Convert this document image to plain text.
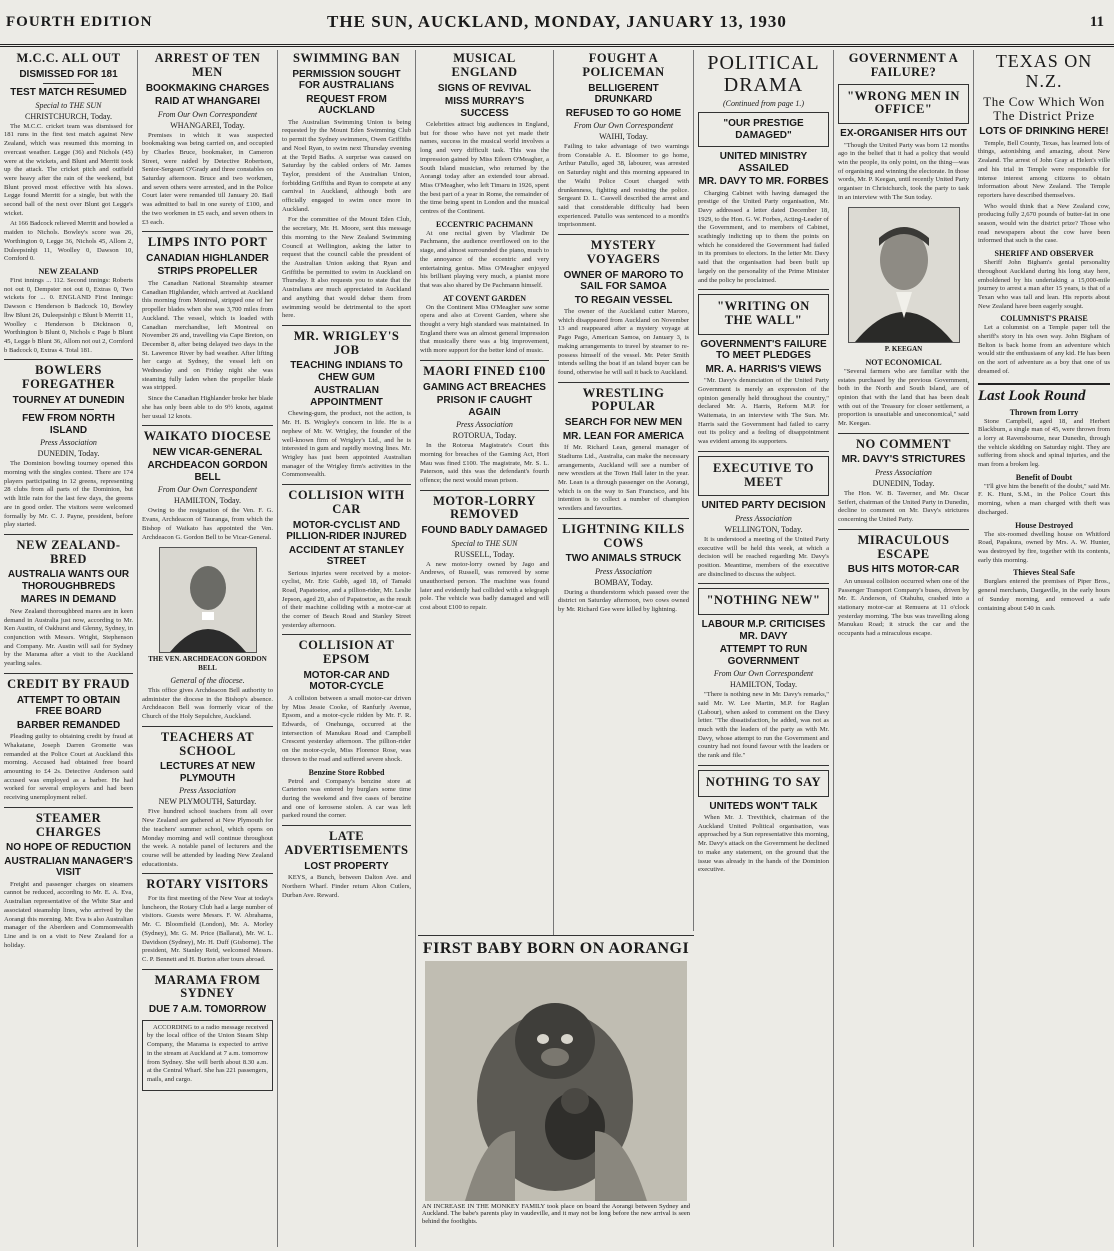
FOURTH EDITION	THE SUN, AUCKLAND, MONDAY, JANUARY 13, 1930	11
M.C.C. ALL OUT
DISMISSED FOR 181
TEST MATCH RESUMED
Special to THE SUN
CHRISTCHURCH, Today.

The M.C.C. cricket team was dismissed for 181 runs in the first test match against New Zealand, which was resumed this morning in overcast weather. Legge (36) and Nichols (45) were at the wickets, and Blunt and Merritt took up the attack. The cricket pitch and outfield were heavy after the rain of the weekend, but Blunt proved most effective with his slows. Legge found Merritt for a single, but with the second ball of the next over Blunt got Legge's wicket.

At 166 Badcock relieved Merritt and bowled a maiden to Nichols. Bowley's score was 26, Worthington 0, Legge 36, Nichols 45, Allom 2, Duleepsinhji 11, Woolley 0, Dawson 10, Cornford 0.

NEW ZEALAND

First innings ... 112. Second innings: Roberts not out 0, Dempster not out 0, Extras 0, Two wickets for ... 0. ENGLAND First Innings: Dawson c Henderson b Badcock 10, Bowley lbw Blunt 26, Duleepsinhji c Blunt b Merritt 11, Woolley c Henderson b Dickinson 0, Worthington b Blunt 0, Nichols c Page b Blunt 45, Legge b Blunt 36, Allom not out 2, Cornford b Badcock 0, Extras 4. Total 181.

BOWLERS FOREGATHER
TOURNEY AT DUNEDIN
FEW FROM NORTH ISLAND
Press Association
DUNEDIN, Today.

The Dominion bowling tourney opened this morning with the singles contest. There are 174 players participating in 12 greens, representing 28 clubs from all parts of the Dominion, but with little rain for the last few days, the greens are in good order. The visitors were welcomed formally by Mr. C. J. Payne, president, before play started.

NEW ZEALAND-BRED
AUSTRALIA WANTS OUR THOROUGHBREDS
MARES IN DEMAND

New Zealand thoroughbred mares are in keen demand in Australia just now, according to Mr. Ken Austin, of Oakhurst and Glenny, Sydney, in conjunction with Messrs. Wright, Stephenson and Company. Mr. Austin will sail for Sydney by the Marama after a visit to the Auckland yearling sales.

CREDIT BY FRAUD
ATTEMPT TO OBTAIN FREE BOARD
BARBER REMANDED

Pleading guilty to obtaining credit by fraud at Whakatane, Joseph Darren Gromette was remanded at the Police Court at Auckland this morning. Accused had obtained free board amounting to £4 2s. Detective Anderson said accused was employed as a barber. He had worked for several employers and had been receiving unemployment relief.

STEAMER CHARGES
NO HOPE OF REDUCTION
AUSTRALIAN MANAGER'S VISIT

Freight and passenger charges on steamers cannot be reduced, according to Mr. E. A. Eva, Australian representative of the White Star and associated steamship lines, who arrived by the Aorangi this morning. Mr. Eva is also Australian manager of the Aberdeen and Commonwealth Line and is on a visit to New Zealand for a holiday.

ARREST OF TEN MEN
BOOKMAKING CHARGES
RAID AT WHANGAREI
From Our Own Correspondent
WHANGAREI, Today.

Premises in which it was suspected bookmaking was being carried on, and occupied by Charles Bruce, bookmaker, in Cameron Street, were raided by Detective Robertson, Senior-Sergeant O'Grady and three constables on Saturday afternoon. Bruce and two workmen, and seven others were arrested, and in the Police Court later were remanded till January 20. Bail was admitted to bail in one surety of £100, and the two workmen in £5 each, and seven others in £3 each.

LIMPS INTO PORT
CANADIAN HIGHLANDER
STRIPS PROPELLER

The Canadian National Steamship steamer Canadian Highlander, which arrived at Auckland this morning from Montreal, stripped one of her propeller blades when she was 3,700 miles from Auckland. The vessel, which is loaded with Canadian merchandise, left Montreal on November 26 and, travelling via Cape Breton, on December 8, after being delayed two days in the St. Lawrence River by bad weather. After lifting her cargo at Sydney, the vessel left on Wednesday and on Friday night she was steaming fully laden when the propeller blade was stripped.

Since the Canadian Highlander broke her blade she has only been able to do 9½ knots, against her usual 12 knots.

WAIKATO DIOCESE
NEW VICAR-GENERAL
ARCHDEACON GORDON BELL
From Our Own Correspondent
HAMILTON, Today.

Owing to the resignation of the Ven. F. G. Evans, Archdeacon of Tauranga, from which the Bishop of Waikato has appointed the Ven. Archdeacon G. Gordon Bell to be Vicar-General.

THE VEN. ARCHDEACON GORDON BELL
General of the diocese.

This office gives Archdeacon Bell authority to administer the diocese in the Bishop's absence. Archdeacon Bell was formerly vicar of the Church of the Holy Sepulchre, Auckland.

TEACHERS AT SCHOOL
LECTURES AT NEW PLYMOUTH
Press Association
NEW PLYMOUTH, Saturday.

Five hundred school teachers from all over New Zealand are gathered at New Plymouth for the teachers' summer school, which opens on Monday morning and will continue throughout the week. A notable panel of lecturers and the course will be attended by leading New Zealand educationists.

ROTARY VISITORS

For its first meeting of the New Year at today's luncheon, the Rotary Club had a large number of visitors. Guests were Messrs. F. W. Abrahams, Mr. C. Bloomfield (London), Mr. A. Morley (Sydney), Mr. G. M. Price (Ballarat), Mr. W. L. Davidson (Sydney), Mr. H. Duff (Gisborne). The president, Mr. Stanley Reid, welcomed Messrs. C. P. Bennett and H. Burton after tours abroad.

MARAMA FROM SYDNEY
DUE 7 A.M. TOMORROW

ACCORDING to a radio message received by the local office of the Union Steam Ship Company, the Marama is expected to arrive in the stream at Auckland at 7 a.m. tomorrow from Sydney. She will berth about 8.30 a.m. at the Central Wharf. She has 221 passengers, mails, and cargo.

SWIMMING BAN
PERMISSION SOUGHT FOR AUSTRALIANS
REQUEST FROM AUCKLAND

The Australian Swimming Union is being requested by the Mount Eden Swimming Club to permit the Sydney swimmers, Owen Griffiths and Noel Ryan, to swim next Thursday evening at the Tepid Baths. A surprise was caused on Saturday by the cabled orders of Mr. James Taylor, president of the Australian Union, forbidding Griffiths and Ryan to compete at any carnival in Auckland, although both are officially engaged to swim once more in Auckland.

For the committee of the Mount Eden Club, the secretary, Mr. H. Moore, sent this message this morning to the New Zealand Swimming Council at Wellington, asking the latter to request that the council cable the president of the Australian Union asking that Ryan and Griffiths be permitted to swim in Auckland on Thursday. It also requests you to state that the Australians are much appreciated in Auckland and anything that would debar them from swimming would be detrimental to the sport here.

MR. WRIGLEY'S JOB
TEACHING INDIANS TO CHEW GUM
AUSTRALIAN APPOINTMENT

Chewing-gum, the product, not the action, is Mr. H. B. Wrigley's concern in life. He is a nephew of Mr. W. Wrigley, the founder of the well-known firm of Wrigley's Ltd., and he is interested in gum and rapidly moving lines. Mr. Wrigley has just been appointed Australian manager of the Wrigley firm's activities in the Commonwealth.

COLLISION WITH CAR
MOTOR-CYCLIST AND PILLION-RIDER INJURED
ACCIDENT AT STANLEY STREET

Serious injuries were received by a motor-cyclist, Mr. Eric Gubb, aged 18, of Tamaki Road, Papatoetoe, and a pillion-rider, Mr. Leslie Jepson, aged 20, also of Papatoetoe, as the result of their machine colliding with a motor-car at the corner of Beach Road and Stanley Street yesterday afternoon.

COLLISION AT EPSOM
MOTOR-CAR AND MOTOR-CYCLE

A collision between a small motor-car driven by Miss Jessie Cooke, of Ranfurly Avenue, Epsom, and a motor-cycle ridden by Mr. F. R. Edwards, of Onehunga, occurred at the intersection of Manukau Road and Campbell Crescent yesterday afternoon. The pillion-rider on the motor-cycle, Miss Florence Rose, was thrown to the road and suffered severe shock.

Benzine Store Robbed

Petrol and Company's benzine store at Carterton was entered by burglars some time during the weekend and five cases of benzine and one of kerosene stolen. A car was left parked round the corner.

LATE ADVERTISEMENTS
LOST PROPERTY

KEYS, a Bunch, between Dalton Ave. and Northern Wharf. Finder return Alton Cutlers, Durban Ave. Reward.

MUSICAL ENGLAND
SIGNS OF REVIVAL
MISS MURRAY'S SUCCESS

Celebrities attract big audiences in England, but for those who have not yet made their names, success in the musical world involves a long and very difficult task. This was the impression gained by Miss Eileen O'Meagher, a South Island musician, who returned by the Aorangi today after an extended tour abroad. Miss O'Meagher, who left Timaru in 1926, spent the best part of a year in Rome, the remainder of the time being spent in London and the musical centres of the Continent.

ECCENTRIC PACHMANN

At one recital given by Vladimir De Pachmann, the audience overflowed on to the stage, and almost surrounded the piano, much to the annoyance of the eccentric and very entertaining genius. Miss O'Meagher enjoyed his brilliant playing very much, a pianist more that was also shared by De Pachmann himself.

AT COVENT GARDEN

On the Continent Miss O'Meagher saw some opera and also at Covent Garden, where she thought a very high standard was maintained. In England there was an almost general impression that musically there was a big improvement, with more support for the better kind of music.

MAORI FINED £100
GAMING ACT BREACHES
PRISON IF CAUGHT AGAIN
Press Association
ROTORUA, Today.

In the Rotorua Magistrate's Court this morning for breaches of the Gaming Act, Hori Mau was fined £100. The magistrate, Mr. S. L. Paterson, said this was the defendant's fourth offence; the next would mean prison.

MOTOR-LORRY REMOVED
FOUND BADLY DAMAGED
Special to THE SUN
RUSSELL, Today.

A new motor-lorry owned by Jago and Andrews, of Russell, was removed by some unauthorised person. The machine was found later and evidently had collided with a telegraph pole. The vehicle was badly damaged and will cost about £100 to repair.

FIRST BABY BORN ON AORANGI
AN INCREASE IN THE MONKEY FAMILY took place on board the Aorangi between Sydney and Auckland. The babe's parents play in vaudeville, and it may not be long before the new arrival is seen behind the footlights.
FOUGHT A POLICEMAN
BELLIGERENT DRUNKARD
REFUSED TO GO HOME
From Our Own Correspondent
WAIHI, Today.

Failing to take advantage of two warnings from Constable A. E. Bloomer to go home, Arthur Patullo, aged 38, labourer, was arrested on Saturday night and this morning appeared in the Waihi Police Court charged with drunkenness, fighting and resisting the police. Sergeant D. L. Caswell described the arrest and said that considerable difficulty had been experienced. Patullo was sentenced to a month's imprisonment.

MYSTERY VOYAGERS
OWNER OF MARORO TO SAIL FOR SAMOA
TO REGAIN VESSEL

The owner of the Auckland cutter Maroro, which disappeared from Auckland on November 13 and reappeared after a mystery voyage at Pago Pago, American Samoa, on January 3, is making arrangements to travel by steamer to re-possess himself of the vessel. Mr. Peter Smith intends selling the boat if an island buyer can be found, otherwise he will sail it back to Auckland.

WRESTLING POPULAR
SEARCH FOR NEW MEN
MR. LEAN FOR AMERICA

If Mr. Richard Lean, general manager of Stadiums Ltd., Australia, can make the necessary arrangements, Auckland will see a number of new wrestlers at the Town Hall later in the year. Mr. Lean is a through passenger on the Aorangi, which is on the way to San Francisco, and his intention is to collect a number of champion wrestlers and favourites.

LIGHTNING KILLS COWS
TWO ANIMALS STRUCK
Press Association
BOMBAY, Today.

During a thunderstorm which passed over the district on Saturday afternoon, two cows owned by Mr. Richard Gee were killed by lightning.

POLITICAL DRAMA
(Continued from page 1.)
"OUR PRESTIGE DAMAGED"
UNITED MINISTRY ASSAILED
MR. DAVY TO MR. FORBES

Charging Cabinet with having damaged the prestige of the United Party organisation, Mr. Davy addressed a letter dated December 18, 1929, to the Hon. G. W. Forbes, Acting-Leader of the Government, and to members of Cabinet, scathingly indicting up to them the points on which he considered the Government had failed in its promises to electors. In the letter Mr. Davy said that the organisation had been built up largely on the personality of the Prime Minister and the policy he proclaimed.

"WRITING ON THE WALL"
GOVERNMENT'S FAILURE TO MEET PLEDGES
MR. A. HARRIS'S VIEWS

"Mr. Davy's denunciation of the United Party Government is merely an expression of the opinion generally held throughout the country," declared Mr. A. Harris, Reform M.P. for Waitemata, in an interview with The Sun. Mr. Harris said the Government had failed to carry out its policy and a feeling of disappointment was evident among its supporters.

EXECUTIVE TO MEET
UNITED PARTY DECISION
Press Association
WELLINGTON, Today.

It is understood a meeting of the United Party executive will be held this week, at which a decision will be reached regarding Mr. Davy's position. Meantime, members of the executive are disinclined to discuss the subject.

"NOTHING NEW"
LABOUR M.P. CRITICISES MR. DAVY
ATTEMPT TO RUN GOVERNMENT
From Our Own Correspondent
HAMILTON, Today.

"There is nothing new in Mr. Davy's remarks," said Mr. W. Lee Martin, M.P. for Raglan (Labour), when asked to comment on the Davy letter. "The dissatisfaction, he added, was not as much with the leaders of the party as with Mr. Davy, whose attempt to run the Government and country had not found favour with the leaders or the rank and file."

NOTHING TO SAY
UNITEDS WON'T TALK

When Mr. J. Trevithick, chairman of the Auckland United Political organisation, was approached by a Sun representative this morning, Mr. Davy's attack on the Government he declined to make any statement, on the ground that the issue was already in the hands of the Dominion executive.

GOVERNMENT A FAILURE?
"WRONG MEN IN OFFICE"
EX-ORGANISER HITS OUT

"Though the United Party was born 12 months ago in the belief that it had a policy that would win the people, its only point, on the thing—was of organising and winning the electorate. In those words, Mr. P. Keegan, until recently United Party organiser in Christchurch, took the party to task in an interview with The Sun today.

P. KEEGAN
NOT ECONOMICAL

"Several farmers who are familiar with the estates purchased by the previous Government, both in the North and South Island, are of opinion that with the land that has been dealt with out of the Treasury for closer settlement, a proportion is unsuitable and uneconomical," said Mr. Keegan.

NO COMMENT
MR. DAVY'S STRICTURES
Press Association
DUNEDIN, Today.

The Hon. W. B. Taverner, and Mr. Oscar Seifert, chairman of the United Party in Dunedin, decline to comment on Mr. Davy's strictures concerning the United Party.

MIRACULOUS ESCAPE
BUS HITS MOTOR-CAR

An unusual collision occurred when one of the Passenger Transport Company's buses, driven by Mr. E. Anderson, of Otahuhu, crashed into a stationary motor-car at Remuera at 11 o'clock yesterday morning. The bus was travelling along Manukau Road; it struck the car and the occupants had a miraculous escape.

TEXAS ON N.Z.
The Cow Which Won The District Prize
LOTS OF DRINKING HERE!

Temple, Bell County, Texas, has learned lots of things, astonishing and amazing, about New Zealand. The arrest of John Gray at Helen's ville and his trial in Temple were responsible for intense interest among citizens to obtain information about New Zealand. The Temple reporters have described themselves.

Who would think that a New Zealand cow, producing fully 2,670 pounds of butter-fat in one season, would win the district prize? Those who read newspapers about the cow have been informed that such is the case.

SHERIFF AND OBSERVER

Sheriff John Bigham's genial personality throughout Auckland during his long stay here, emboldened by his undertaking a 15,000-mile journey to arrest a man after 15 years, is that of a Texan who was tall and lean. His reports about New Zealand have been eagerly sought.

COLUMNIST'S PRAISE

Let a columnist on a Temple paper tell the sheriff's story in his own way. John Bigham of Belton is back home from an adventure which would stir the enthusiasm of any kid. He has been on the sort of adventure as a boy that one of us dreamed of.

Last Look Round
Thrown from Lorry

Stone Campbell, aged 18, and Herbert Blackburn, a single man of 45, were thrown from a lorry at Ravensbourne, near Dunedin, through the vehicle skidding on Saturday night. They are suffering from shock and spinal injuries, and the man from a broken leg.

Benefit of Doubt

"I'll give him the benefit of the doubt," said Mr. F. K. Hunt, S.M., in the Police Court this morning, when a man charged with theft was discharged.

House Destroyed

The six-roomed dwelling house on Whitford Road, Papakura, owned by Mrs. A. W. Hunter, was destroyed by fire, together with its contents, early this morning.

Thieves Steal Safe

Burglars entered the premises of Piper Bros., general merchants, Dargaville, in the early hours of Sunday morning, and removed a safe containing about £40 in cash.
